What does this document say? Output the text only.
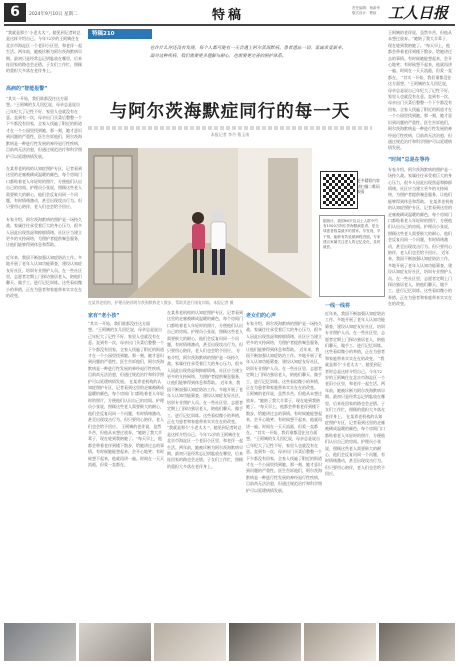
6	2024年9月10日 星期二	特稿	责任编辑：杨新华
版式设计：曹政 工人日报
“我就是那个‘小老太太’”，她见到记者时总是这样介绍自己。今年72岁的王阿姨住在北京市海淀区一个老旧小区里，和老伴一起生活。两年前，她被诊断为阿尔茨海默病早期。最初只是经常忘记钥匙放在哪里，后来连回家的路也会走错。子女们工作忙，照顾的重担大多落在老伴身上。
高病的”智能报警”
“其实一开始，我们谁都没往这方面想。”王阿姨的女儿回忆说，母亲总是说自己年纪大了记性不好，家里人也就没有在意。直到有一次，母亲出门买菜后整整一个下午都没有回家，全家人找遍了附近的街道才在一个公园里找到她。那一刻，她才意识到问题的严重性。医生告诉他们，阿尔茨海默病是一种进行性发展的神经退行性疾病，目前尚无法治愈，但通过规范治疗和科学照护可以延缓病情发展。
在某养老机构的认知症照护专区，记者看到这里的走廊被刷成温暖的颜色，每个房间门口都贴着老人年轻时的照片，方便他们认出自己的房间。护理员小张说，照顾这些老人需要极大的耐心，他们会反复问同一个问题，有时情绪激动，甚至出现攻击行为。但只要用心陪伴，老人们也会给予回应。
专家介绍，阿尔茨海默病的照护是一场持久战。家属往往承受着巨大的身心压力，很多人因此出现焦虑和抑郁情绪。社区应当建立更多的支持网络，为照护者提供喘息服务，让他们能够得到休息和帮助。
近年来，我国不断加强认知症防治工作。多地开展了老年人认知功能筛查，建设认知症友好社区，培训专业照护人员。在一些社区里，志愿者定期上门探访独居老人，陪他们聊天、做手工、进行记忆训练。这些看似微小的举措，正在为患者和家庭带来实实在在的改变。
特稿210
也许什么你还没有发现，每个人都可能有一天会遇上阿尔茨海默病。患者遗忘一切，家属承受艰辛。面对这种疾病，我们需要更多理解与耐心，也需要更完善的照护体系。
与阿尔茨海默症同行的每一天
本报记者 李丹 曹玉南
更多精彩内容请扫描二维码观看
据统计，我国60岁及以上人群中约有1500万阿尔茨海默病患者，是全球患者数量最多的国家。早发现、早干预，能够有效延缓病程进展。专家建议家属关注老人的记忆变化，及时就医。
在某养老机构，护理员陪伴阿尔茨海默病老人散步，帮助其进行康复训练。本报记者 摄
家有“老小孩”
“其实一开始，我们谁都没往这方面想。”王阿姨的女儿回忆说，母亲总是说自己年纪大了记性不好，家里人也就没有在意。直到有一次，母亲出门买菜后整整一个下午都没有回家，全家人找遍了附近的街道才在一个公园里找到她。那一刻，她才意识到问题的严重性。医生告诉他们，阿尔茨海默病是一种进行性发展的神经退行性疾病，目前尚无法治愈，但通过规范治疗和科学照护可以延缓病情发展。 在某养老机构的认知症照护专区，记者看到这里的走廊被刷成温暖的颜色，每个房间门口都贴着老人年轻时的照片，方便他们认出自己的房间。护理员小张说，照顾这些老人需要极大的耐心，他们会反复问同一个问题，有时情绪激动，甚至出现攻击行为。但只要用心陪伴，老人们也会给予回应。 王阿姨的老伴说，虽然辛苦，但他从未想过放弃。“她陪了我大半辈子，现在轮到我陪她了。”每天早上，他都会带着老伴到楼下散步，给她讲过去的事情。有时候她能想起来，会开心地笑；有时候想不起来，他就再讲一遍。时间在一天天流逝，但爱一直都在。
在某养老机构的认知症照护专区，记者看到这里的走廊被刷成温暖的颜色，每个房间门口都贴着老人年轻时的照片，方便他们认出自己的房间。护理员小张说，照顾这些老人需要极大的耐心，他们会反复问同一个问题，有时情绪激动，甚至出现攻击行为。但只要用心陪伴，老人们也会给予回应。 专家介绍，阿尔茨海默病的照护是一场持久战。家属往往承受着巨大的身心压力，很多人因此出现焦虑和抑郁情绪。社区应当建立更多的支持网络，为照护者提供喘息服务，让他们能够得到休息和帮助。 近年来，我国不断加强认知症防治工作。多地开展了老年人认知功能筛查，建设认知症友好社区，培训专业照护人员。在一些社区里，志愿者定期上门探访独居老人，陪他们聊天、做手工、进行记忆训练。这些看似微小的举措，正在为患者和家庭带来实实在在的改变。 “我就是那个‘小老太太’”，她见到记者时总是这样介绍自己。今年72岁的王阿姨住在北京市海淀区一个老旧小区里，和老伴一起生活。两年前，她被诊断为阿尔茨海默病早期。最初只是经常忘记钥匙放在哪里，后来连回家的路也会走错。子女们工作忙，照顾的重担大多落在老伴身上。
老女们的心声
专家介绍，阿尔茨海默病的照护是一场持久战。家属往往承受着巨大的身心压力，很多人因此出现焦虑和抑郁情绪。社区应当建立更多的支持网络，为照护者提供喘息服务，让他们能够得到休息和帮助。 近年来，我国不断加强认知症防治工作。多地开展了老年人认知功能筛查，建设认知症友好社区，培训专业照护人员。在一些社区里，志愿者定期上门探访独居老人，陪他们聊天、做手工、进行记忆训练。这些看似微小的举措，正在为患者和家庭带来实实在在的改变。 王阿姨的老伴说，虽然辛苦，但他从未想过放弃。“她陪了我大半辈子，现在轮到我陪她了。”每天早上，他都会带着老伴到楼下散步，给她讲过去的事情。有时候她能想起来，会开心地笑；有时候想不起来，他就再讲一遍。时间在一天天流逝，但爱一直都在。 “其实一开始，我们谁都没往这方面想。”王阿姨的女儿回忆说，母亲总是说自己年纪大了记性不好，家里人也就没有在意。直到有一次，母亲出门买菜后整整一个下午都没有回家，全家人找遍了附近的街道才在一个公园里找到她。那一刻，她才意识到问题的严重性。医生告诉他们，阿尔茨海默病是一种进行性发展的神经退行性疾病，目前尚无法治愈，但通过规范治疗和科学照护可以延缓病情发展。
一线一线将
近年来，我国不断加强认知症防治工作。多地开展了老年人认知功能筛查，建设认知症友好社区，培训专业照护人员。在一些社区里，志愿者定期上门探访独居老人，陪他们聊天、做手工、进行记忆训练。这些看似微小的举措，正在为患者和家庭带来实实在在的改变。 “我就是那个‘小老太太’”，她见到记者时总是这样介绍自己。今年72岁的王阿姨住在北京市海淀区一个老旧小区里，和老伴一起生活。两年前，她被诊断为阿尔茨海默病早期。最初只是经常忘记钥匙放在哪里，后来连回家的路也会走错。子女们工作忙，照顾的重担大多落在老伴身上。 在某养老机构的认知症照护专区，记者看到这里的走廊被刷成温暖的颜色，每个房间门口都贴着老人年轻时的照片，方便他们认出自己的房间。护理员小张说，照顾这些老人需要极大的耐心，他们会反复问同一个问题，有时情绪激动，甚至出现攻击行为。但只要用心陪伴，老人们也会给予回应。
王阿姨的老伴说，虽然辛苦，但他从未想过放弃。“她陪了我大半辈子，现在轮到我陪她了。”每天早上，他都会带着老伴到楼下散步，给她讲过去的事情。有时候她能想起来，会开心地笑；有时候想不起来，他就再讲一遍。时间在一天天流逝，但爱一直都在。 “其实一开始，我们谁都没往这方面想。”王阿姨的女儿回忆说，母亲总是说自己年纪大了记性不好，家里人也就没有在意。直到有一次，母亲出门买菜后整整一个下午都没有回家，全家人找遍了附近的街道才在一个公园里找到她。那一刻，她才意识到问题的严重性。医生告诉他们，阿尔茨海默病是一种进行性发展的神经退行性疾病，目前尚无法治愈，但通过规范治疗和科学照护可以延缓病情发展。
“时间”总是在等待
专家介绍，阿尔茨海默病的照护是一场持久战。家属往往承受着巨大的身心压力，很多人因此出现焦虑和抑郁情绪。社区应当建立更多的支持网络，为照护者提供喘息服务，让他们能够得到休息和帮助。 在某养老机构的认知症照护专区，记者看到这里的走廊被刷成温暖的颜色，每个房间门口都贴着老人年轻时的照片，方便他们认出自己的房间。护理员小张说，照顾这些老人需要极大的耐心，他们会反复问同一个问题，有时情绪激动，甚至出现攻击行为。但只要用心陪伴，老人们也会给予回应。 近年来，我国不断加强认知症防治工作。多地开展了老年人认知功能筛查，建设认知症友好社区，培训专业照护人员。在一些社区里，志愿者定期上门探访独居老人，陪他们聊天、做手工、进行记忆训练。这些看似微小的举措，正在为患者和家庭带来实实在在的改变。
